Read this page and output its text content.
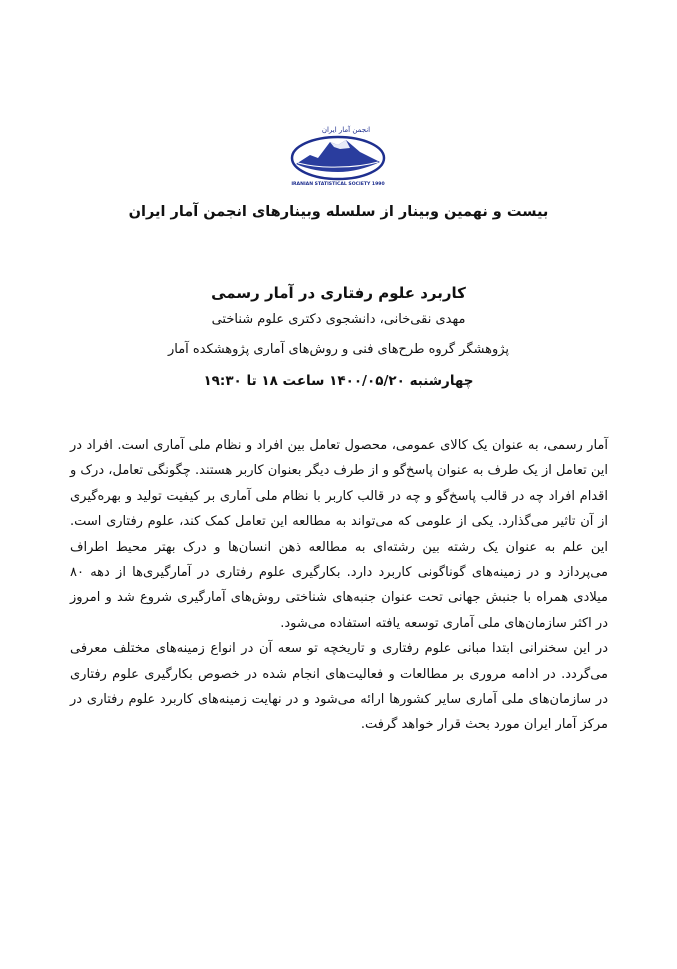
انجمن آمار ایران
IRANIAN STATISTICAL SOCIETY 1990
بیست و نهمین وبینار از سلسله وبینارهای انجمن آمار ایران
کاربرد علوم رفتاری در آمار رسمی
مهدی نقی‌خانی، دانشجوی دکتری علوم شناختی
پژوهشگر گروه طرح‌های فنی و روش‌های آماری پژوهشکده آمار
چهارشنبه ۱۴۰۰/۰۵/۲۰ ساعت ۱۸ تا ۱۹:۳۰

آمار رسمی، به عنوان یک کالای عمومی، محصول تعامل بین افراد و نظام ملی آماری است. افراد در این تعامل از یک طرف به عنوان پاسخ‌گو و از طرف دیگر بعنوان کاربر هستند. چگونگی تعامل، درک و اقدام افراد چه در قالب پاسخ‌گو و چه در قالب کاربر با نظام ملی آماری بر کیفیت تولید و بهره‌گیری از آن تاثیر می‌گذارد. یکی از علومی که می‌تواند به مطالعه این تعامل کمک کند، علوم رفتاری است. این علم به عنوان یک رشته بین رشته‌ای به مطالعه ذهن انسان‌ها و درک بهتر محیط اطراف می‌پردازد و در زمینه‌های گوناگونی کاربرد دارد. بکارگیری علوم رفتاری در آمارگیری‌ها از دهه ۸۰ میلادی همراه با جنبش جهانی تحت عنوان جنبه‌های شناختی روش‌های آمارگیری شروع شد و امروز در اکثر سازمان‌های ملی آماری توسعه یافته استفاده می‌شود.

در این سخنرانی ابتدا مبانی علوم رفتاری و تاریخچه تو سعه آن در انواع زمینه‌های مختلف معرفی می‌گردد. در ادامه مروری بر مطالعات و فعالیت‌های انجام شده در خصوص بکارگیری علوم رفتاری در سازمان‌های ملی آماری سایر کشورها ارائه می‌شود و در نهایت زمینه‌های کاربرد علوم رفتاری در مرکز آمار ایران مورد بحث قرار خواهد گرفت.
